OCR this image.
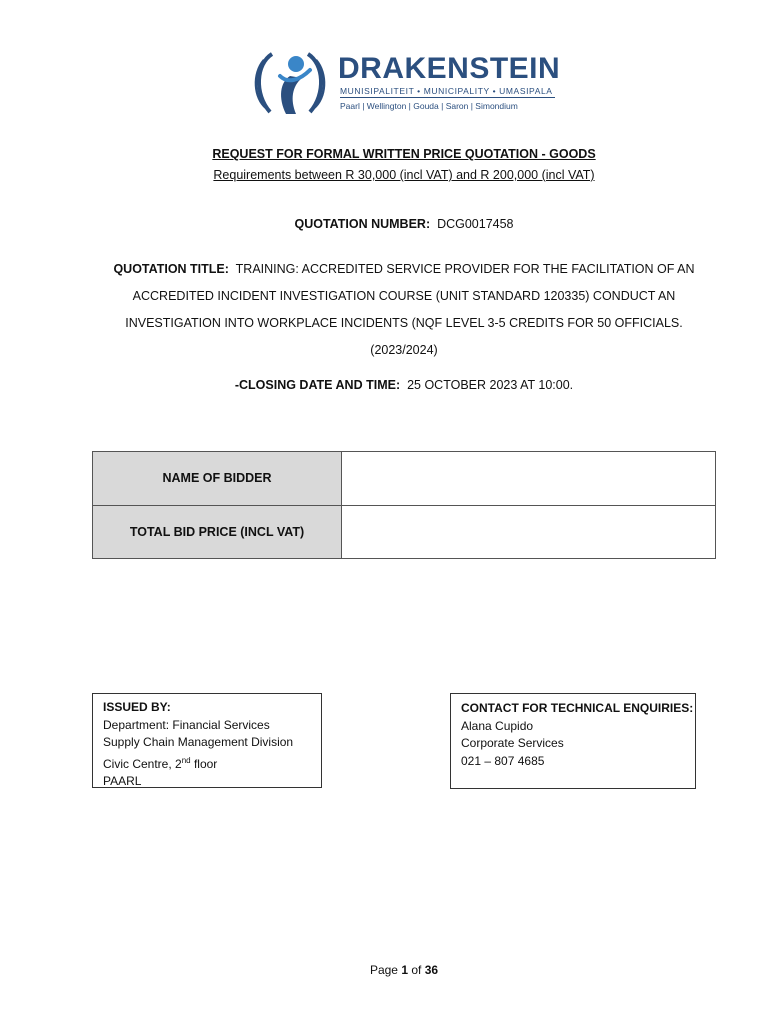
DRAKENSTEIN
MUNISIPALITEIT • MUNICIPALITY • UMASIPALA
Paarl | Wellington | Gouda | Saron | Simondium
REQUEST FOR FORMAL WRITTEN PRICE QUOTATION - GOODS
Requirements between R 30,000 (incl VAT) and R 200,000 (incl VAT)
QUOTATION NUMBER: DCG0017458
QUOTATION TITLE: TRAINING: ACCREDITED SERVICE PROVIDER FOR THE FACILITATION OF AN ACCREDITED INCIDENT INVESTIGATION COURSE (UNIT STANDARD 120335) CONDUCT AN INVESTIGATION INTO WORKPLACE INCIDENTS (NQF LEVEL 3-5 CREDITS FOR 50 OFFICIALS. (2023/2024)
-CLOSING DATE AND TIME: 25 OCTOBER 2023 AT 10:00.
NAME OF BIDDER	
TOTAL BID PRICE (INCL VAT)	
ISSUED BY:
Department: Financial Services
Supply Chain Management Division
Civic Centre, 2nd floor
PAARL
CONTACT FOR TECHNICAL ENQUIRIES:
Alana Cupido
Corporate Services
021 – 807 4685
Page 1 of 36
